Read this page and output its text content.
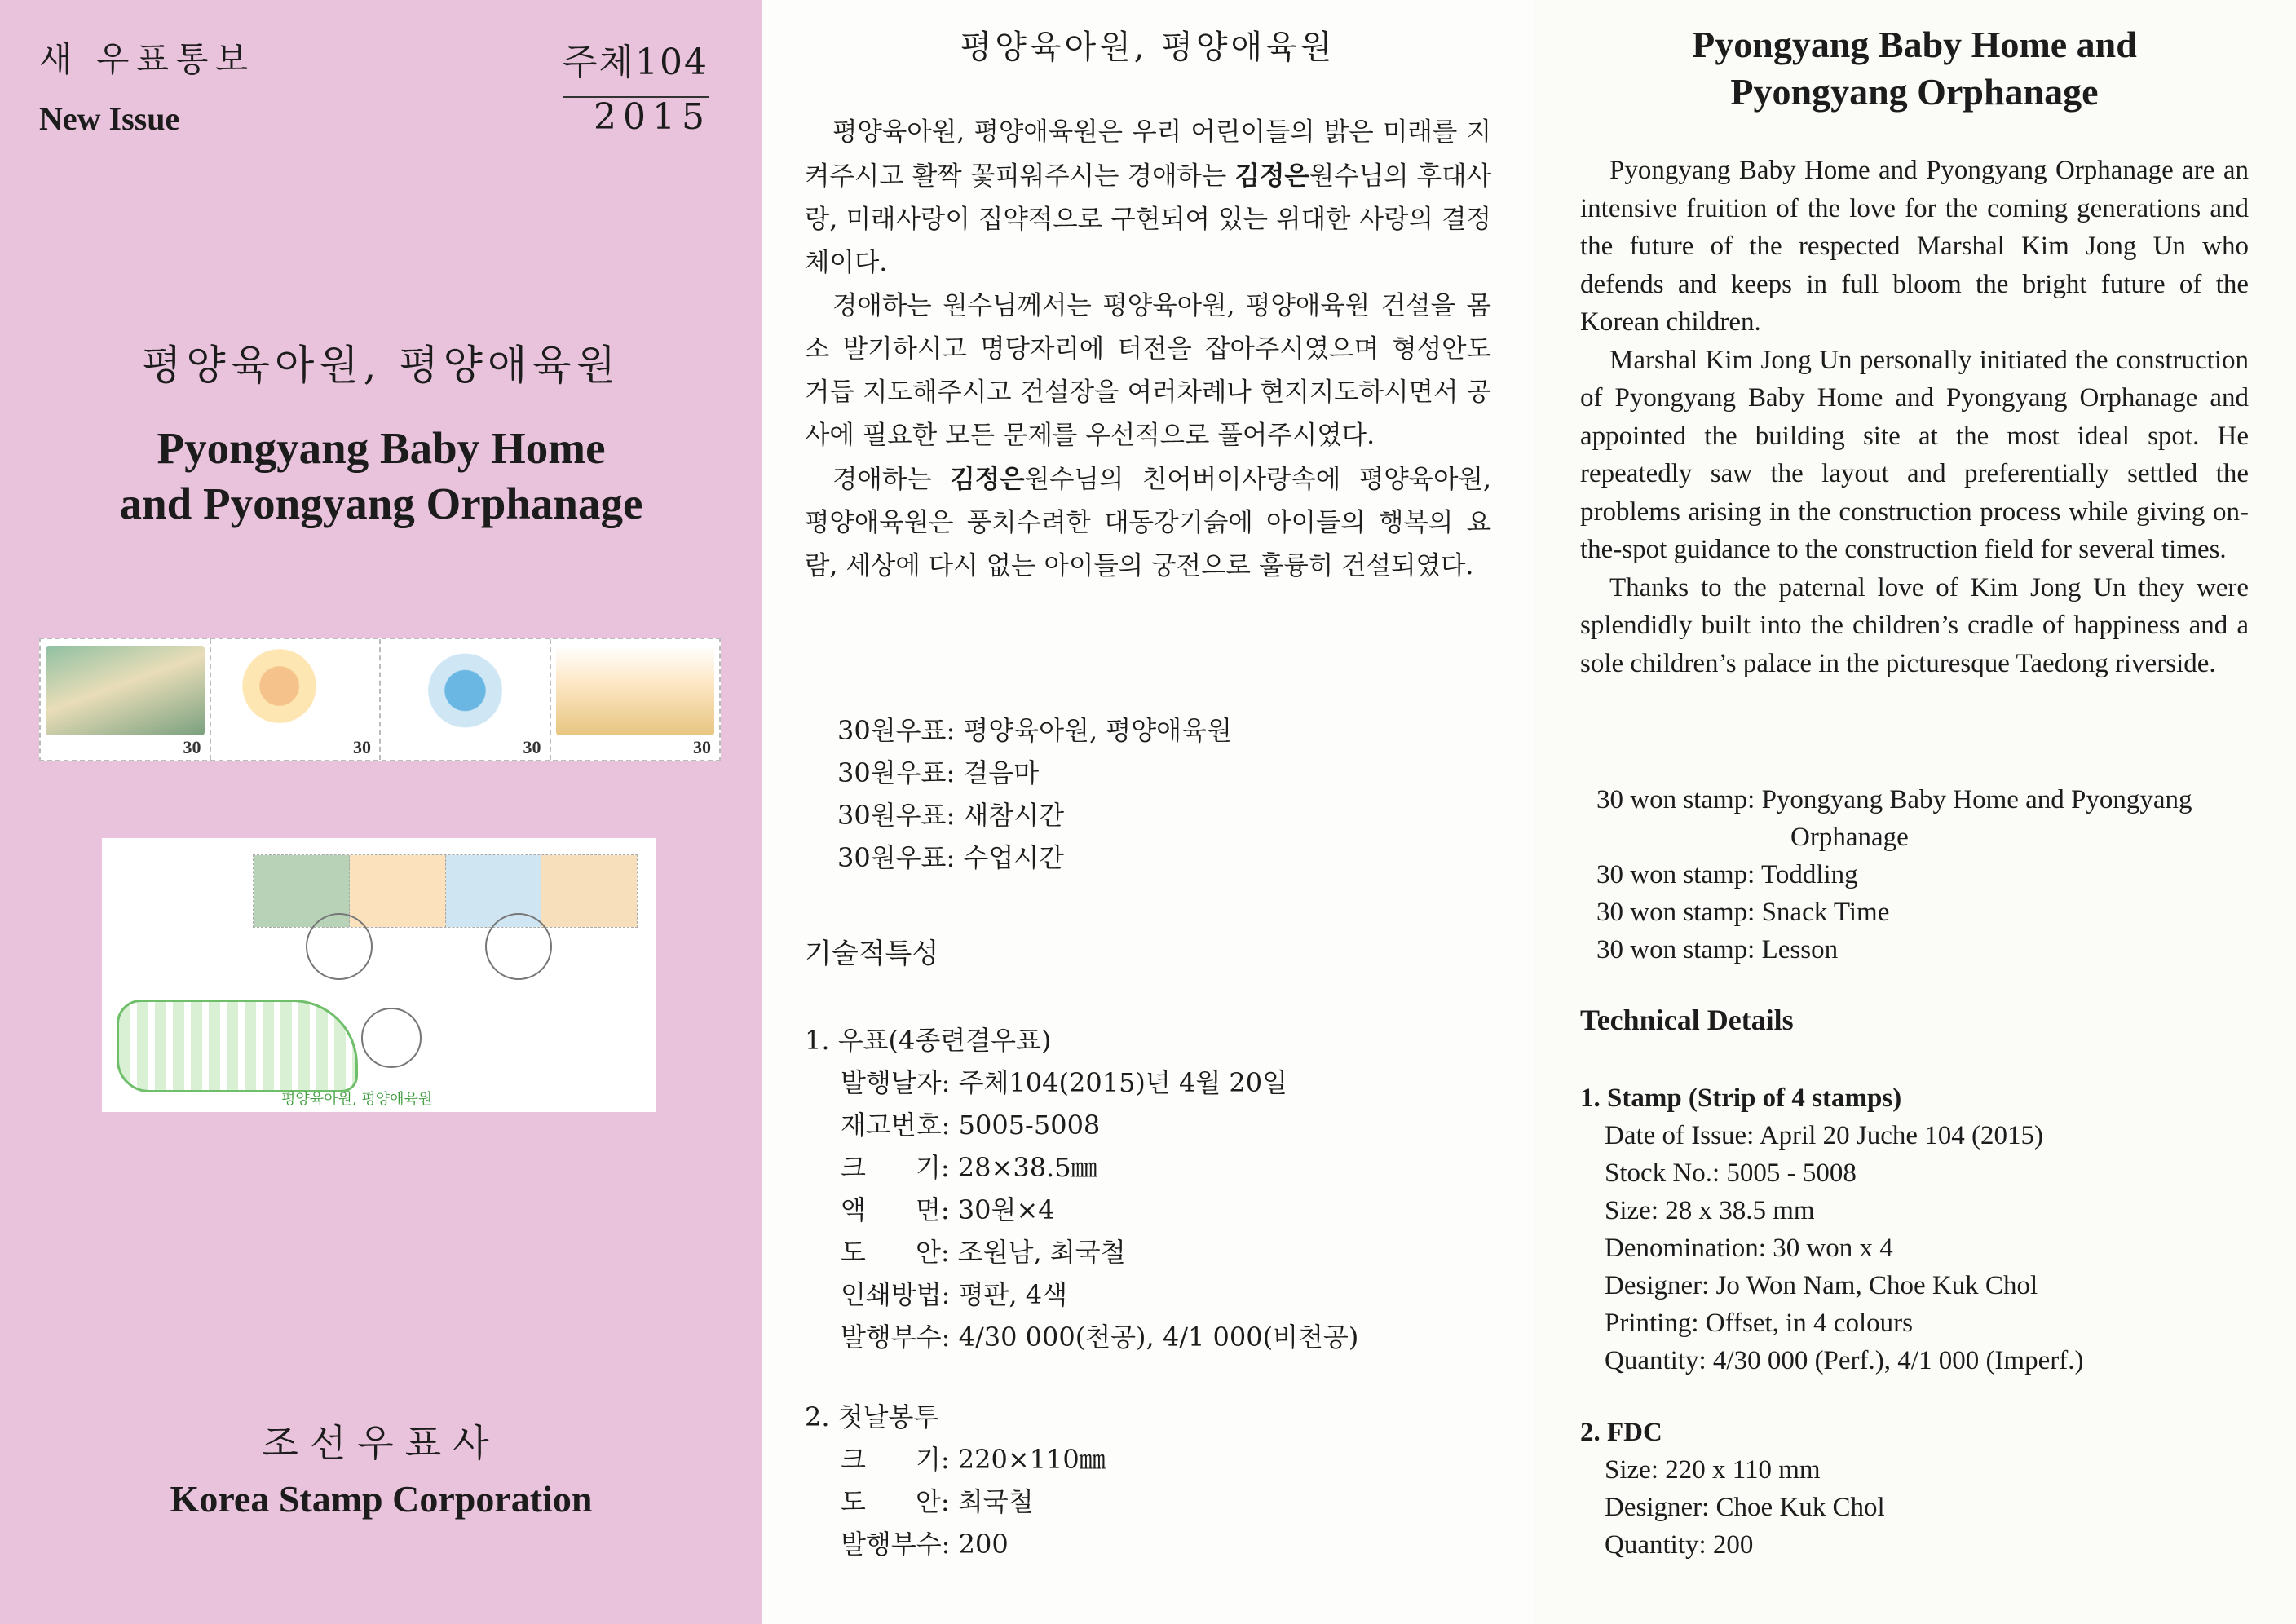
새 우표통보
New Issue
주체104
2015
평양육아원, 평양애육원
Pyongyang Baby Home
and Pyongyang Orphanage
30	30	30	30
평양육아원, 평양애육원
조선우표사
Korea Stamp Corporation
평양육아원, 평양애육원

평양육아원, 평양애육원은 우리 어린이들의 밝은 미래를 지켜주시고 활짝 꽃피워주시는 경애하는 김정은원수님의 후대사랑, 미래사랑이 집약적으로 구현되여 있는 위대한 사랑의 결정체이다.

경애하는 원수님께서는 평양육아원, 평양애육원 건설을 몸소 발기하시고 명당자리에 터전을 잡아주시였으며 형성안도 거듭 지도해주시고 건설장을 여러차례나 현지지도하시면서 공사에 필요한 모든 문제를 우선적으로 풀어주시였다.

경애하는 김정은원수님의 친어버이사랑속에 평양육아원, 평양애육원은 풍치수려한 대동강기슭에 아이들의 행복의 요람, 세상에 다시 없는 아이들의 궁전으로 훌륭히 건설되였다.

30원우표: 평양육아원, 평양애육원
30원우표: 걸음마
30원우표: 새참시간
30원우표: 수업시간
기술적특성
1. 우표(4종련결우표)
발행날자: 주체104(2015)년 4월 20일
재고번호: 5005-5008
크      기: 28×38.5㎜
액      면: 30원×4
도      안: 조원남, 최국철
인쇄방법: 평판, 4색
발행부수: 4/30 000(천공), 4/1 000(비천공)
2. 첫날봉투
크      기: 220×110㎜
도      안: 최국철
발행부수: 200
Pyongyang Baby Home and
Pyongyang Orphanage

Pyongyang Baby Home and Pyongyang Orphanage are an intensive fruition of the love for the coming generations and the future of the respected Marshal Kim Jong Un who defends and keeps in full bloom the bright future of the Korean children.

Marshal Kim Jong Un personally initiated the construction of Pyongyang Baby Home and Pyongyang Orphanage and appointed the building site at the most ideal spot. He repeatedly saw the layout and preferentially settled the problems arising in the construction process while giving on-the-spot guidance to the construction field for several times.

Thanks to the paternal love of Kim Jong Un they were splendidly built into the children’s cradle of happiness and a sole children’s palace in the picturesque Taedong riverside.

30 won stamp: Pyongyang Baby Home and Pyongyang
Orphanage
30 won stamp: Toddling
30 won stamp: Snack Time
30 won stamp: Lesson
Technical Details
1. Stamp (Strip of 4 stamps)
Date of Issue: April 20 Juche 104 (2015)
Stock No.: 5005 - 5008
Size: 28 x 38.5 mm
Denomination: 30 won x 4
Designer: Jo Won Nam, Choe Kuk Chol
Printing: Offset, in 4 colours
Quantity: 4/30 000 (Perf.), 4/1 000 (Imperf.)
2. FDC
Size: 220 x 110 mm
Designer: Choe Kuk Chol
Quantity: 200
